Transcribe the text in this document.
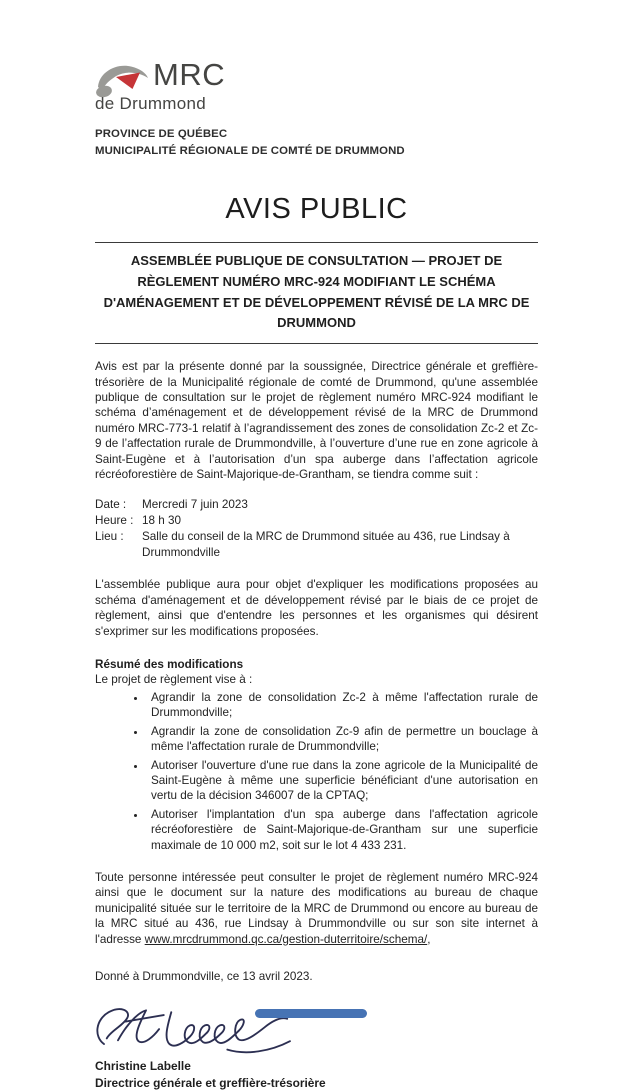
MRC
de Drummond
PROVINCE DE QUÉBEC
MUNICIPALITÉ RÉGIONALE DE COMTÉ DE DRUMMOND
AVIS PUBLIC
ASSEMBLÉE PUBLIQUE DE CONSULTATION — PROJET DE RÈGLEMENT NUMÉRO MRC-924 MODIFIANT LE SCHÉMA D'AMÉNAGEMENT ET DE DÉVELOPPEMENT RÉVISÉ DE LA MRC DE DRUMMOND

Avis est par la présente donné par la soussignée, Directrice générale et greffière-trésorière de la Municipalité régionale de comté de Drummond, qu'une assemblée publique de consultation sur le projet de règlement numéro MRC-924 modifiant le schéma d’aménagement et de développement révisé de la MRC de Drummond numéro MRC-773-1 relatif à l’agrandissement des zones de consolidation Zc-2 et Zc-9 de l’affectation rurale de Drummondville, à l’ouverture d’une rue en zone agricole à Saint-Eugène et à l’autorisation d’un spa auberge dans l’affectation agricole récréoforestière de Saint-Majorique-de-Grantham, se tiendra comme suit :

Date :	Mercredi 7 juin 2023
Heure : 18 h 30
Lieu :	Salle du conseil de la MRC de Drummond située au 436, rue Lindsay à Drummondville

L'assemblée publique aura pour objet d'expliquer les modifications proposées au schéma d'aménagement et de développement révisé par le biais de ce projet de règlement, ainsi que d'entendre les personnes et les organismes qui désirent s'exprimer sur les modifications proposées.

Résumé des modifications
Le projet de règlement vise à :
• Agrandir la zone de consolidation Zc-2 à même l'affectation rurale de Drummondville;
• Agrandir la zone de consolidation Zc-9 afin de permettre un bouclage à même l'affectation rurale de Drummondville;
• Autoriser l'ouverture d'une rue dans la zone agricole de la Municipalité de Saint-Eugène à même une superficie bénéficiant d'une autorisation en vertu de la décision 346007 de la CPTAQ;
• Autoriser l'implantation d'un spa auberge dans l'affectation agricole récréoforestière de Saint-Majorique-de-Grantham sur une superficie maximale de 10 000 m2, soit sur le lot 4 433 231.

Toute personne intéressée peut consulter le projet de règlement numéro MRC-924 ainsi que le document sur la nature des modifications au bureau de chaque municipalité située sur le territoire de la MRC de Drummond ou encore au bureau de la MRC situé au 436, rue Lindsay à Drummondville ou sur son site internet à l'adresse www.mrcdrummond.qc.ca/gestion-duterritoire/schema/,

Donné à Drummondville, ce 13 avril 2023.
Christine Labelle
Directrice générale et greffière-trésorière
